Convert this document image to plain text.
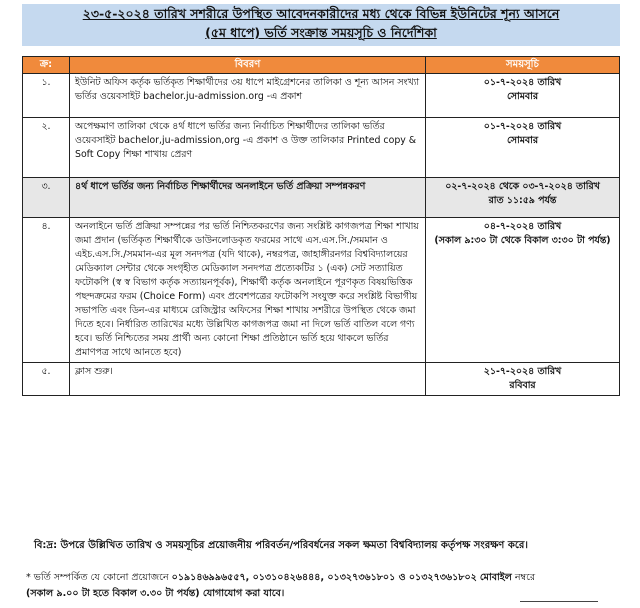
২৩-৫-২০২৪ তারিখ সশরীরে উপস্থিত আবেদনকারীদের মধ্য থেকে বিভিন্ন ইউনিটের শূন্য আসনে
(৫ম ধাপে) ভর্তি সংক্রান্ত সময়সূচি ও নির্দেশিকা
ক্র:	বিবরণ	সময়সূচি
১.	ইউনিট অফিস কর্তৃক ভর্তিকৃত শিক্ষার্থীদের ৩য় ধাপে মাইগ্রেশনের তালিকা ও শূন্য আসন সংখ্যা ভর্তির ওয়েবসাইট bachelor.ju-admission.org -এ প্রকাশ	০১-৭-২০২৪ তারিখ
সোমবার

২.	অপেক্ষমাণ তালিকা থেকে ৪র্থ ধাপে ভর্তির জন্য নির্বাচিত শিক্ষার্থীদের তালিকা ভর্তির ওয়েবসাইট bachelor,ju-admission,org -এ প্রকাশ ও উক্ত তালিকার Printed copy & Soft Copy শিক্ষা শাখায় প্রেরণ	০১-৭-২০২৪ তারিখ
সোমবার

৩.	৪র্থ ধাপে ভর্তির জন্য নির্বাচিত শিক্ষার্থীদের অনলাইনে ভর্তি প্রক্রিয়া সম্পন্নকরণ	০২-৭-২০২৪ থেকে ০৩-৭-২০২৪ তারিখ
রাত ১১:৫৯ পর্যন্ত

৪.	অনলাইনে ভর্তি প্রক্রিয়া সম্পন্নের পর ভর্তি নিশ্চিতকরণের জন্য সংশ্লিষ্ট কাগজপত্র শিক্ষা শাখায় জমা প্রদান (ভর্তিকৃত শিক্ষার্থীকে ডাউনলোডকৃত ফরমের সাথে এস.এস.সি./সমমান ও এইচ.এস.সি./সমমান-এর মূল সনদপত্র (যদি থাকে), নম্বরপত্র, জাহাঙ্গীরনগর বিশ্ববিদ্যালয়ের মেডিক্যাল সেন্টার থেকে সংগৃহীত মেডিক্যাল সনদপত্র প্রত্যেকটির ১ (এক) সেট সত্যায়িত ফটোকপি (স্ব স্ব বিভাগ কর্তৃক সত্যায়নপূর্বক), শিক্ষার্থী কর্তৃক অনলাইনে পূরণকৃত বিষয়ভিত্তিক পছন্দক্রমের ফরম (Choice Form) এবং প্রবেশপত্রের ফটোকপি সংযুক্ত করে সংশ্লিষ্ট বিভাগীয় সভাপতি এবং ডিন-এর মাধ্যমে রেজিস্ট্রার অফিসের শিক্ষা শাখায় সশরীরে উপস্থিত থেকে জমা দিতে হবে। নির্ধারিত তারিখের মধ্যে উল্লিখিত কাগজপত্র জমা না দিলে ভর্তি বাতিল বলে গণ্য হবে। ভর্তি নিশ্চিতের সময় প্রার্থী অন্য কোনো শিক্ষা প্রতিষ্ঠানে ভর্তি হয়ে থাকলে ভর্তির প্রমাণপত্র সাথে আনতে হবে)	০৪-৭-২০২৪ তারিখ
(সকাল ৯:৩০ টা থেকে বিকাল ৩:৩০ টা পর্যন্ত)

৫.	ক্লাস শুরু।	২১-৭-২০২৪ তারিখ
রবিবার
বি:দ্র: উপরে উল্লিখিত তারিখ ও সময়সূচির প্রয়োজনীয় পরিবর্তন/পরিবর্ধনের সকল ক্ষমতা বিশ্ববিদ্যালয় কর্তৃপক্ষ সংরক্ষণ করে।
* ভর্তি সম্পর্কিত যে কোনো প্রয়োজনে ০১৯১৪৬৯৯৬৫৫৭, ০১৩১০৪২৬৪৪৪, ০১৩২৭৩৬১৮০১ ও ০১৩২৭৩৬১৮০২ মোবাইল নম্বরে
(সকাল ৯.০০ টা হতে বিকাল ৩.৩০ টা পর্যন্ত) যোগাযোগ করা যাবে।
